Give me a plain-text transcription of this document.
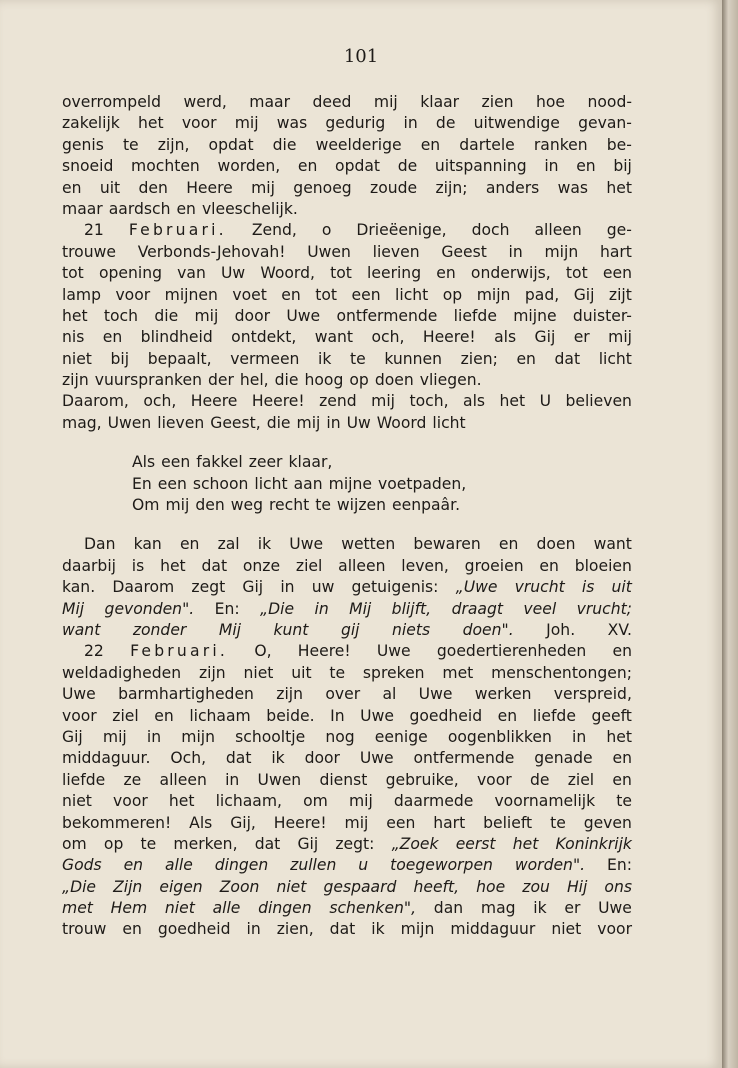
101
overrompeld werd, maar deed mij klaar zien hoe nood-
zakelijk het voor mij was gedurig in de uitwendige gevan-
genis te zijn, opdat die weelderige en dartele ranken be-
snoeid mochten worden, en opdat de uitspanning in en bij
en uit den Heere mij genoeg zoude zijn; anders was het
maar aardsch en vleeschelijk.
21 Februari. Zend, o Drieëenige, doch alleen ge-
trouwe Verbonds-Jehovah! Uwen lieven Geest in mijn hart
tot opening van Uw Woord, tot leering en onderwijs, tot een
lamp voor mijnen voet en tot een licht op mijn pad, Gij zijt
het toch die mij door Uwe ontfermende liefde mijne duister-
nis en blindheid ontdekt, want och, Heere! als Gij er mij
niet bij bepaalt, vermeen ik te kunnen zien; en dat licht
zijn vuurspranken der hel, die hoog op doen vliegen.
Daarom, och, Heere Heere! zend mij toch, als het U believen
mag, Uwen lieven Geest, die mij in Uw Woord licht
Als een fakkel zeer klaar,
En een schoon licht aan mijne voetpaden,
Om mij den weg recht te wijzen eenpaâr.
Dan kan en zal ik Uwe wetten bewaren en doen want
daarbij is het dat onze ziel alleen leven, groeien en bloeien
kan. Daarom zegt Gij in uw getuigenis: „Uwe vrucht is uit
Mij gevonden". En: „Die in Mij blijft, draagt veel vrucht;
want zonder Mij kunt gij niets doen". Joh. XV.
22 Februari. O, Heere! Uwe goedertierenheden en
weldadigheden zijn niet uit te spreken met menschentongen;
Uwe barmhartigheden zijn over al Uwe werken verspreid,
voor ziel en lichaam beide. In Uwe goedheid en liefde geeft
Gij mij in mijn schooltje nog eenige oogenblikken in het
middaguur. Och, dat ik door Uwe ontfermende genade en
liefde ze alleen in Uwen dienst gebruike, voor de ziel en
niet voor het lichaam, om mij daarmede voornamelijk te
bekommeren! Als Gij, Heere! mij een hart belieft te geven
om op te merken, dat Gij zegt: „Zoek eerst het Koninkrijk
Gods en alle dingen zullen u toegeworpen worden". En:
„Die Zijn eigen Zoon niet gespaard heeft, hoe zou Hij ons
met Hem niet alle dingen schenken", dan mag ik er Uwe
trouw en goedheid in zien, dat ik mijn middaguur niet voor
